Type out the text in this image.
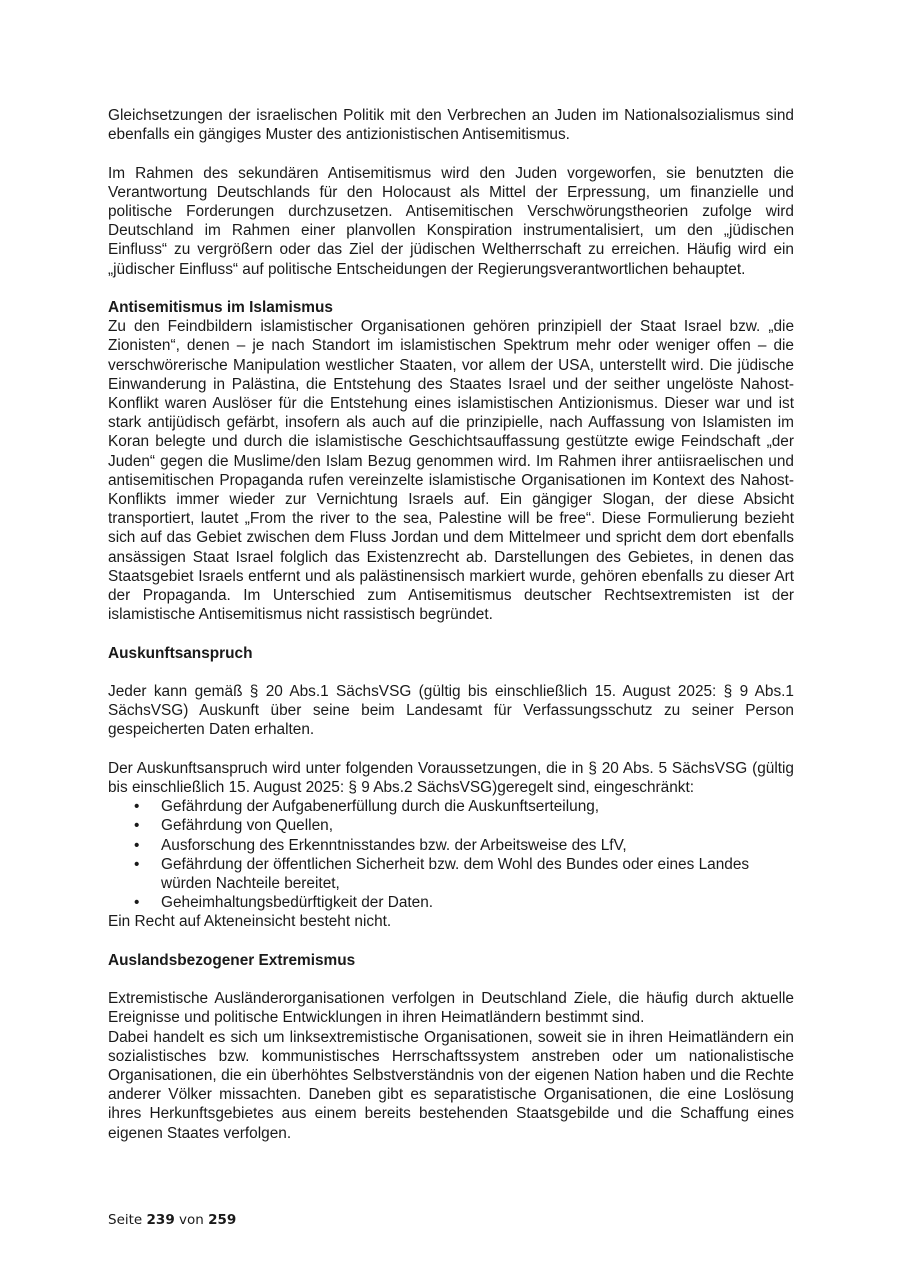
Gleichsetzungen der israelischen Politik mit den Verbrechen an Juden im Nationalsozialismus sind ebenfalls ein gängiges Muster des antizionistischen Antisemitismus.

Im Rahmen des sekundären Antisemitismus wird den Juden vorgeworfen, sie benutzten die Verantwortung Deutschlands für den Holocaust als Mittel der Erpressung, um finanzielle und politische Forderungen durchzusetzen. Antisemitischen Verschwörungstheorien zufolge wird Deutschland im Rahmen einer planvollen Konspiration instrumentalisiert, um den „jüdischen Einfluss“ zu vergrößern oder das Ziel der jüdischen Weltherrschaft zu erreichen. Häufig wird ein „jüdischer Einfluss“ auf politische Entscheidungen der Regierungsverantwortlichen behauptet.

Antisemitismus im Islamismus

Zu den Feindbildern islamistischer Organisationen gehören prinzipiell der Staat Israel bzw. „die Zionisten“, denen – je nach Standort im islamistischen Spektrum mehr oder weniger offen – die verschwörerische Manipulation westlicher Staaten, vor allem der USA, unterstellt wird. Die jüdische Einwanderung in Palästina, die Entstehung des Staates Israel und der seither ungelöste Nahost-Konflikt waren Auslöser für die Entstehung eines islamistischen Antizionismus. Dieser war und ist stark antijüdisch gefärbt, insofern als auch auf die prinzipielle, nach Auffassung von Islamisten im Koran belegte und durch die islamistische Geschichtsauffassung gestützte ewige Feindschaft „der Juden“ gegen die Muslime/den Islam Bezug genommen wird. Im Rahmen ihrer antiisraelischen und antisemitischen Propaganda rufen vereinzelte islamistische Organisationen im Kontext des Nahost-Konflikts immer wieder zur Vernichtung Israels auf. Ein gängiger Slogan, der diese Absicht transportiert, lautet „From the river to the sea, Palestine will be free“. Diese Formulierung bezieht sich auf das Gebiet zwischen dem Fluss Jordan und dem Mittelmeer und spricht dem dort ebenfalls ansässigen Staat Israel folglich das Existenzrecht ab. Darstellungen des Gebietes, in denen das Staatsgebiet Israels entfernt und als palästinensisch markiert wurde, gehören ebenfalls zu dieser Art der Propaganda. Im Unterschied zum Antisemitismus deutscher Rechtsextremisten ist der islamistische Antisemitismus nicht rassistisch begründet.

Auskunftsanspruch

Jeder kann gemäß § 20 Abs.1 SächsVSG (gültig bis einschließlich 15. August 2025: § 9 Abs.1 SächsVSG) Auskunft über seine beim Landesamt für Verfassungsschutz zu seiner Person gespeicherten Daten erhalten.

Der Auskunftsanspruch wird unter folgenden Voraussetzungen, die in § 20 Abs. 5 SächsVSG (gültig bis einschließlich 15. August 2025: § 9 Abs.2 SächsVSG)geregelt sind, eingeschränkt:

• Gefährdung der Aufgabenerfüllung durch die Auskunftserteilung,
• Gefährdung von Quellen,
• Ausforschung des Erkenntnisstandes bzw. der Arbeitsweise des LfV,
• Gefährdung der öffentlichen Sicherheit bzw. dem Wohl des Bundes oder eines Landes würden Nachteile bereitet,
• Geheimhaltungsbedürftigkeit der Daten.

Ein Recht auf Akteneinsicht besteht nicht.

Auslandsbezogener Extremismus

Extremistische Ausländerorganisationen verfolgen in Deutschland Ziele, die häufig durch aktuelle Ereignisse und politische Entwicklungen in ihren Heimatländern bestimmt sind.

Dabei handelt es sich um linksextremistische Organisationen, soweit sie in ihren Heimatländern ein sozialistisches bzw. kommunistisches Herrschaftssystem anstreben oder um nationalistische Organisationen, die ein überhöhtes Selbstverständnis von der eigenen Nation haben und die Rechte anderer Völker missachten. Daneben gibt es separatistische Organisationen, die eine Loslösung ihres Herkunftsgebietes aus einem bereits bestehenden Staatsgebilde und die Schaffung eines eigenen Staates verfolgen.

Seite 239 von 259
